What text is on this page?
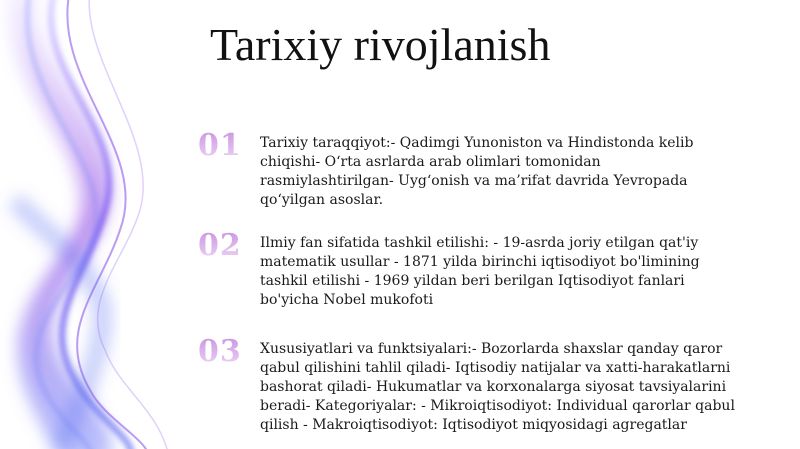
Tarixiy rivojlanish
01 Tarixiy taraqqiyot:- Qadimgi Yunoniston va Hindistonda kelib chiqishi- O‘rta asrlarda arab olimlari tomonidan rasmiylashtirilgan- Uyg‘onish va ma’rifat davrida Yevropada qo‘yilgan asoslar.
02 Ilmiy fan sifatida tashkil etilishi: - 19-asrda joriy etilgan qat'iy matematik usullar - 1871 yilda birinchi iqtisodiyot bo'limining tashkil etilishi - 1969 yildan beri berilgan Iqtisodiyot fanlari bo'yicha Nobel mukofoti
03 Xususiyatlari va funktsiyalari:- Bozorlarda shaxslar qanday qaror qabul qilishini tahlil qiladi- Iqtisodiy natijalar va xatti-harakatlarni bashorat qiladi- Hukumatlar va korxonalarga siyosat tavsiyalarini beradi- Kategoriyalar: - Mikroiqtisodiyot: Individual qarorlar qabul qilish - Makroiqtisodiyot: Iqtisodiyot miqyosidagi agregatlar
